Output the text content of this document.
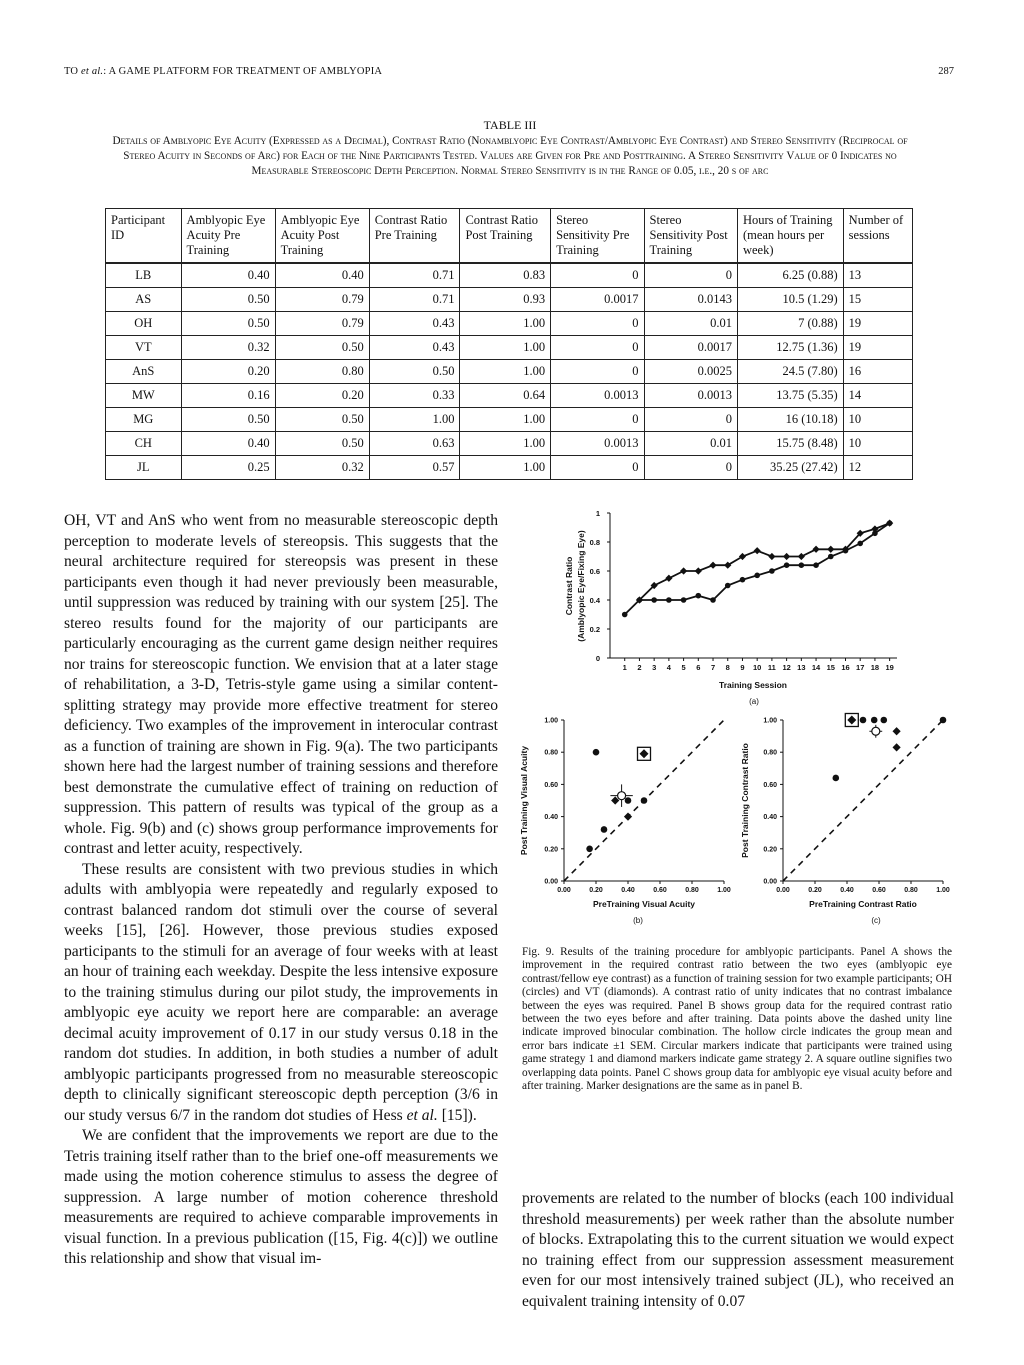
TO et al.: A GAME PLATFORM FOR TREATMENT OF AMBLYOPIA	287
TABLE III
Details of Amblyopic Eye Acuity (Expressed as a Decimal), Contrast Ratio (Nonamblyopic Eye Contrast/Amblyopic Eye Contrast) and Stereo Sensitivity (Reciprocal of Stereo Acuity in Seconds of Arc) for Each of the Nine Participants Tested. Values are Given for Pre and Posttraining. A Stereo Sensitivity Value of 0 Indicates no Measurable Stereoscopic Depth Perception. Normal Stereo Sensitivity is in the Range of 0.05, i.e., 20 s of arc
Participant ID	Amblyopic Eye Acuity Pre Training	Amblyopic Eye Acuity Post Training	Contrast Ratio Pre Training	Contrast Ratio Post Training	Stereo Sensitivity Pre Training	Stereo Sensitivity Post Training	Hours of Training (mean hours per week)	Number of sessions
LB	0.40	0.40	0.71	0.83	0	0	6.25 (0.88)	13
AS	0.50	0.79	0.71	0.93	0.0017	0.0143	10.5 (1.29)	15
OH	0.50	0.79	0.43	1.00	0	0.01	7 (0.88)	19
VT	0.32	0.50	0.43	1.00	0	0.0017	12.75 (1.36)	19
AnS	0.20	0.80	0.50	1.00	0	0.0025	24.5 (7.80)	16
MW	0.16	0.20	0.33	0.64	0.0013	0.0013	13.75 (5.35)	14
MG	0.50	0.50	1.00	1.00	0	0	16 (10.18)	10
CH	0.40	0.50	0.63	1.00	0.0013	0.01	15.75 (8.48)	10
JL	0.25	0.32	0.57	1.00	0	0	35.25 (27.42)	12

OH, VT and AnS who went from no measurable stereoscopic depth perception to moderate levels of stereopsis. This suggests that the neural architecture required for stereopsis was present in these participants even though it had never previously been measurable, until suppression was reduced by training with our system [25]. The stereo results found for the majority of our participants are particularly encouraging as the current game design neither requires nor trains for stereoscopic function. We envision that at a later stage of rehabilitation, a 3-D, Tetris-style game using a similar content-splitting strategy may provide more effective treatment for stereo deficiency. Two examples of the improvement in interocular contrast as a function of training are shown in Fig. 9(a). The two participants shown here had the largest number of training sessions and therefore best demonstrate the cumulative effect of training on reduction of suppression. This pattern of results was typical of the group as a whole. Fig. 9(b) and (c) shows group performance improvements for contrast and letter acuity, respectively.

These results are consistent with two previous studies in which adults with amblyopia were repeatedly and regularly exposed to contrast balanced random dot stimuli over the course of several weeks [15], [26]. However, those previous studies exposed participants to the stimuli for an average of four weeks with at least an hour of training each weekday. Despite the less intensive exposure to the training stimulus during our pilot study, the improvements in amblyopic eye acuity we report here are comparable: an average decimal acuity improvement of 0.17 in our study versus 0.18 in the random dot studies. In addition, in both studies a number of adult amblyopic participants progressed from no measurable stereoscopic depth to clinically significant stereoscopic depth perception (3/6 in our study versus 6/7 in the random dot studies of Hess et al. [15]).

We are confident that the improvements we report are due to the Tetris training itself rather than to the brief one-off measurements we made using the motion coherence stimulus to assess the degree of suppression. A large number of motion coherence threshold measurements are required to achieve comparable improvements in visual function. In a previous publication ([15, Fig. 4(c)]) we outline this relationship and show that visual im-

0
0.2
0.4
0.6
0.8
1
1 2 3 4 5 6 7 8 9 10 11 12 13 14 15 16 17 18 19
Training Session
Contrast Ratio (Amblyopic Eye/Fixing Eye)
(a)
0.00
0.00
0.20
0.20
0.40
0.40
0.60
0.60
0.80
0.80
1.00
1.00
PreTraining Visual Acuity
Post Training Visual Acuity
(b)
0.00
0.00
0.20
0.20
0.40
0.40
0.60
0.60
0.80
0.80
1.00
1.00
PreTraining Contrast Ratio
Post Training Contrast Ratio
(c)
Fig. 9. Results of the training procedure for amblyopic participants. Panel A shows the improvement in the required contrast ratio between the two eyes (amblyopic eye contrast/fellow eye contrast) as a function of training session for two example participants; OH (circles) and VT (diamonds). A contrast ratio of unity indicates that no contrast imbalance between the eyes was required. Panel B shows group data for the required contrast ratio between the two eyes before and after training. Data points above the dashed unity line indicate improved binocular combination. The hollow circle indicates the group mean and error bars indicate ±1 SEM. Circular markers indicate that participants were trained using game strategy 1 and diamond markers indicate game strategy 2. A square outline signifies two overlapping data points. Panel C shows group data for amblyopic eye visual acuity before and after training. Marker designations are the same as in panel B.

provements are related to the number of blocks (each 100 individual threshold measurements) per week rather than the absolute number of blocks. Extrapolating this to the current situation we would expect no training effect from our suppression assessment measurement even for our most intensively trained subject (JL), who received an equivalent training intensity of 0.07
